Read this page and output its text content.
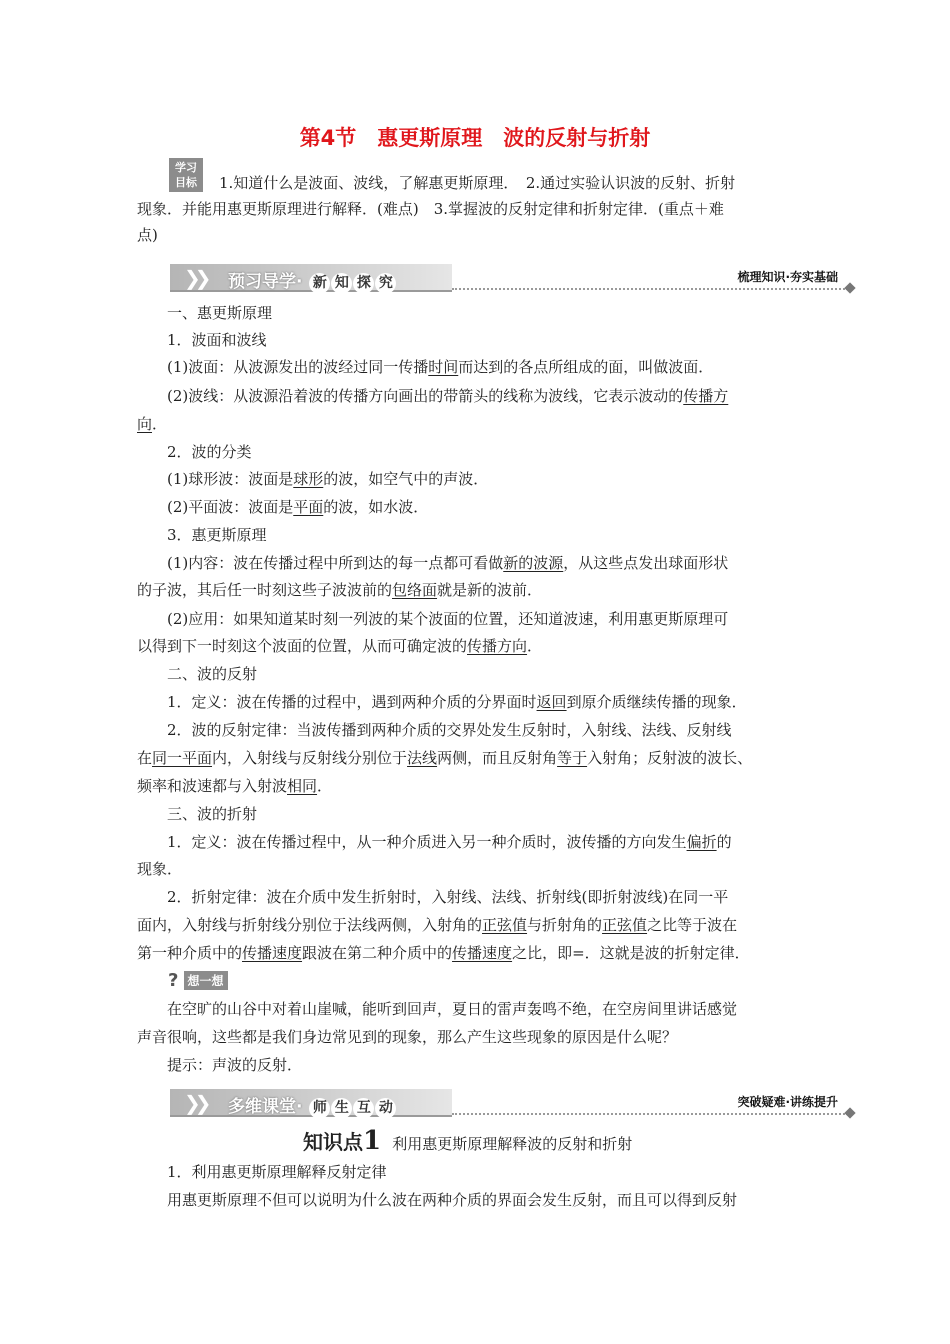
第4节　惠更斯原理　波的反射与折射
学习
目标	1.知道什么是波面、波线，了解惠更斯原理．　2.通过实验认识波的反射、折射
现象．并能用惠更斯原理进行解释．(难点)　3.掌握波的反射定律和折射定律．(重点＋难
点)
❯❯ 预习导学· 新 知 探 究	梳理知识·夯实基础

一、惠更斯原理

1．波面和波线

(1)波面：从波源发出的波经过同一传播时间而达到的各点所组成的面，叫做波面．

(2)波线：从波源沿着波的传播方向画出的带箭头的线称为波线，它表示波动的传播方

向．

2．波的分类

(1)球形波：波面是球形的波，如空气中的声波．

(2)平面波：波面是平面的波，如水波．

3．惠更斯原理

(1)内容：波在传播过程中所到达的每一点都可看做新的波源，从这些点发出球面形状

的子波，其后任一时刻这些子波波前的包络面就是新的波前．

(2)应用：如果知道某时刻一列波的某个波面的位置，还知道波速，利用惠更斯原理可

以得到下一时刻这个波面的位置，从而可确定波的传播方向．

二、波的反射

1．定义：波在传播的过程中，遇到两种介质的分界面时返回到原介质继续传播的现象．

2．波的反射定律：当波传播到两种介质的交界处发生反射时，入射线、法线、反射线

在同一平面内，入射线与反射线分别位于法线两侧，而且反射角等于入射角；反射波的波长、

频率和波速都与入射波相同．

三、波的折射

1．定义：波在传播过程中，从一种介质进入另一种介质时，波传播的方向发生偏折的

现象．

2．折射定律：波在介质中发生折射时，入射线、法线、折射线(即折射波线)在同一平

面内，入射线与折射线分别位于法线两侧，入射角的正弦值与折射角的正弦值之比等于波在

第一种介质中的传播速度跟波在第二种介质中的传播速度之比，即=．这就是波的折射定律．

? 想一想

在空旷的山谷中对着山崖喊，能听到回声，夏日的雷声轰鸣不绝，在空房间里讲话感觉

声音很响，这些都是我们身边常见到的现象，那么产生这些现象的原因是什么呢？

提示：声波的反射．

❯❯ 多维课堂· 师 生 互 动	突破疑难·讲练提升
知识点1 利用惠更斯原理解释波的反射和折射

1．利用惠更斯原理解释反射定律

用惠更斯原理不但可以说明为什么波在两种介质的界面会发生反射，而且可以得到反射
